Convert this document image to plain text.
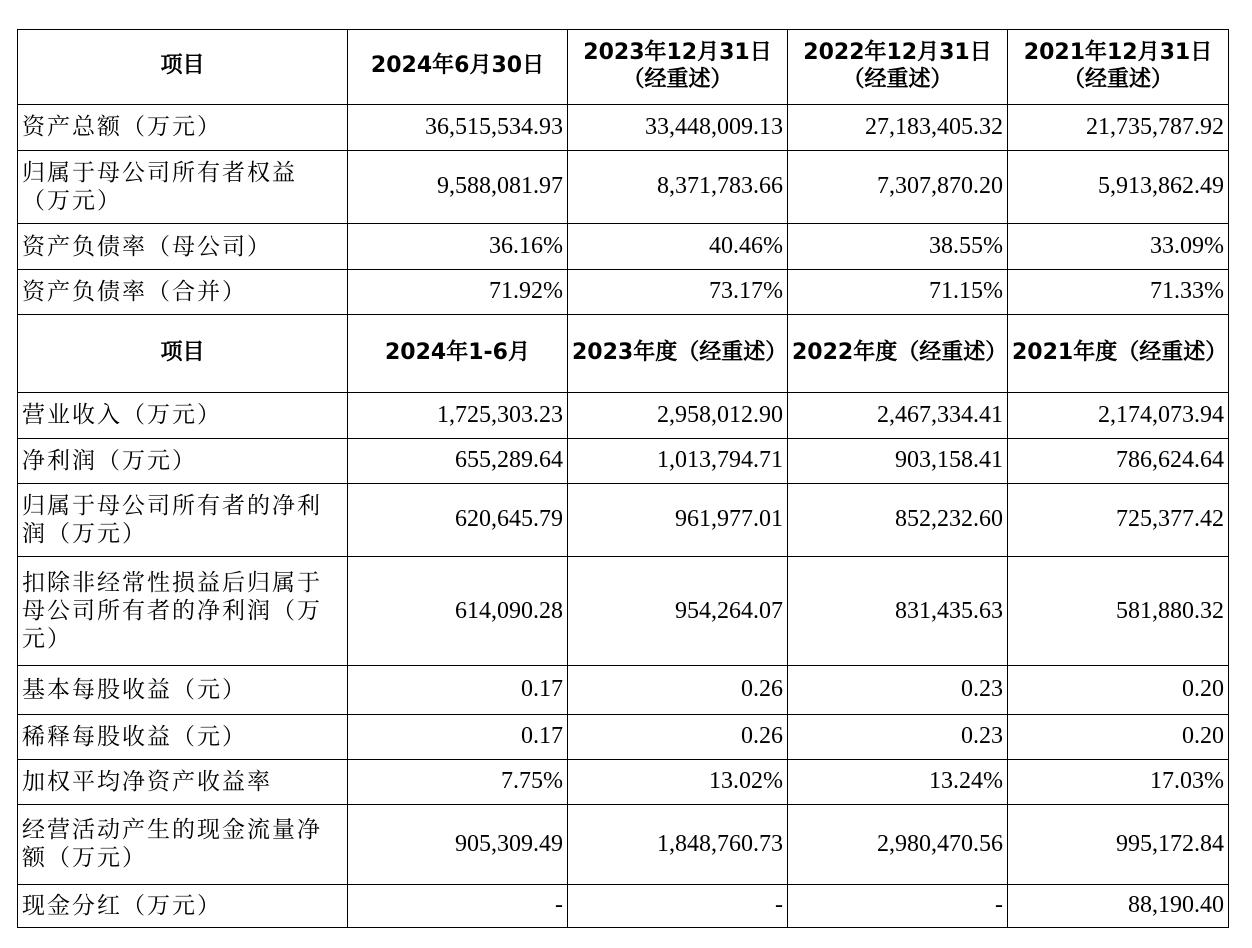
项目	2024年6月30日	2023年12月31日（经重述）	2022年12月31日（经重述）	2021年12月31日（经重述）
资产总额（万元）	36,515,534.93	33,448,009.13	27,183,405.32	21,735,787.92
归属于母公司所有者权益（万元）	9,588,081.97	8,371,783.66	7,307,870.20	5,913,862.49
资产负债率（母公司）	36.16%	40.46%	38.55%	33.09%
资产负债率（合并）	71.92%	73.17%	71.15%	71.33%
项目	2024年1-6月	2023年度（经重述）	2022年度（经重述）	2021年度（经重述）
营业收入（万元）	1,725,303.23	2,958,012.90	2,467,334.41	2,174,073.94
净利润（万元）	655,289.64	1,013,794.71	903,158.41	786,624.64
归属于母公司所有者的净利润（万元）	620,645.79	961,977.01	852,232.60	725,377.42
扣除非经常性损益后归属于母公司所有者的净利润（万元）	614,090.28	954,264.07	831,435.63	581,880.32
基本每股收益（元）	0.17	0.26	0.23	0.20
稀释每股收益（元）	0.17	0.26	0.23	0.20
加权平均净资产收益率	7.75%	13.02%	13.24%	17.03%
经营活动产生的现金流量净额（万元）	905,309.49	1,848,760.73	2,980,470.56	995,172.84
现金分红（万元）	-	-	-	88,190.40
